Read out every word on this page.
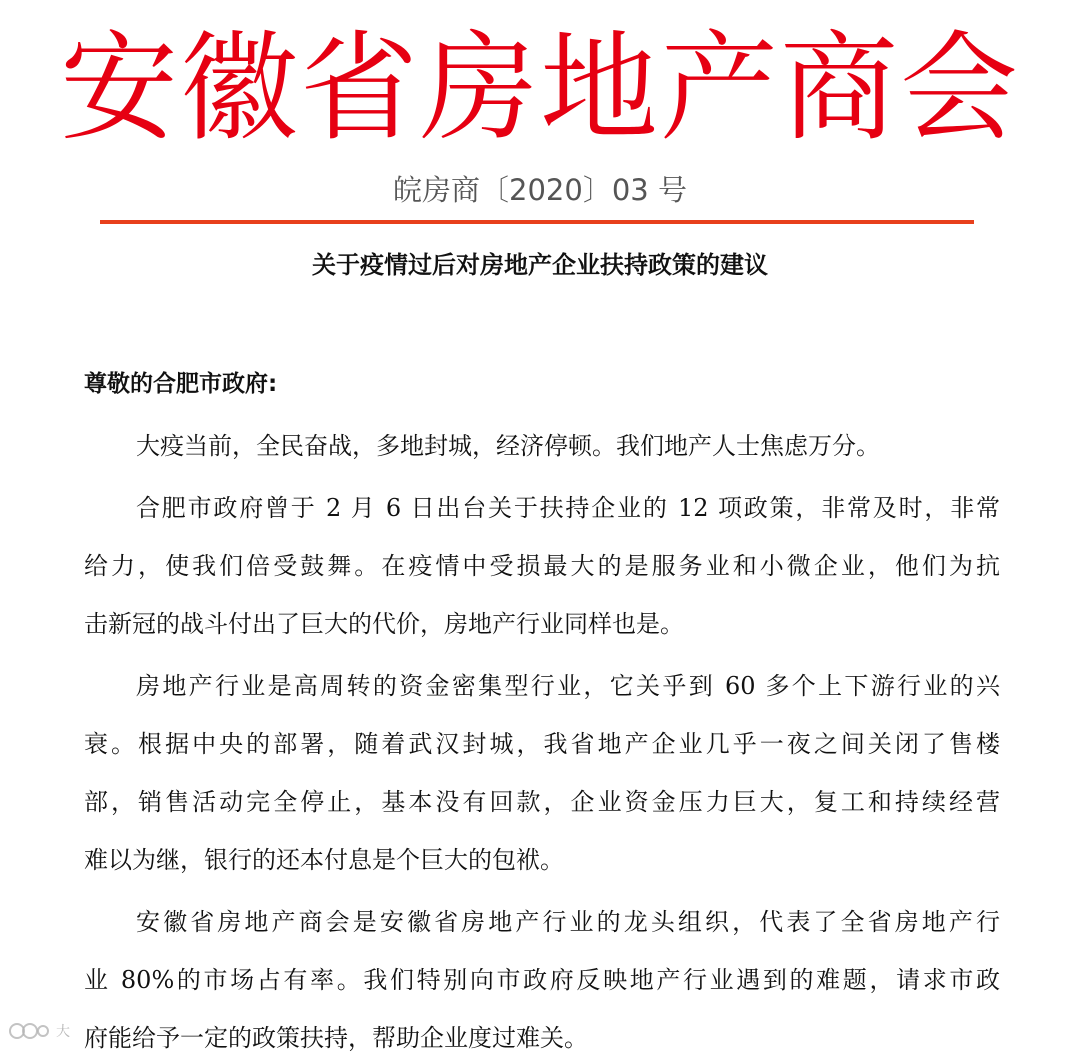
安徽省房地产商会
皖房商〔2020〕03 号
关于疫情过后对房地产企业扶持政策的建议
尊敬的合肥市政府:

大疫当前，全民奋战，多地封城，经济停顿。我们地产人士焦虑万分。

合肥市政府曾于 2 月 6 日出台关于扶持企业的 12 项政策，非常及时，非常
给力，使我们倍受鼓舞。在疫情中受损最大的是服务业和小微企业，他们为抗
击新冠的战斗付出了巨大的代价，房地产行业同样也是。

房地产行业是高周转的资金密集型行业，它关乎到 60 多个上下游行业的兴
衰。根据中央的部署，随着武汉封城，我省地产企业几乎一夜之间关闭了售楼
部，销售活动完全停止，基本没有回款，企业资金压力巨大，复工和持续经营
难以为继，银行的还本付息是个巨大的包袱。

安徽省房地产商会是安徽省房地产行业的龙头组织，代表了全省房地产行
业 80%的市场占有率。我们特别向市政府反映地产行业遇到的难题，请求市政
府能给予一定的政策扶持，帮助企业度过难关。

大
